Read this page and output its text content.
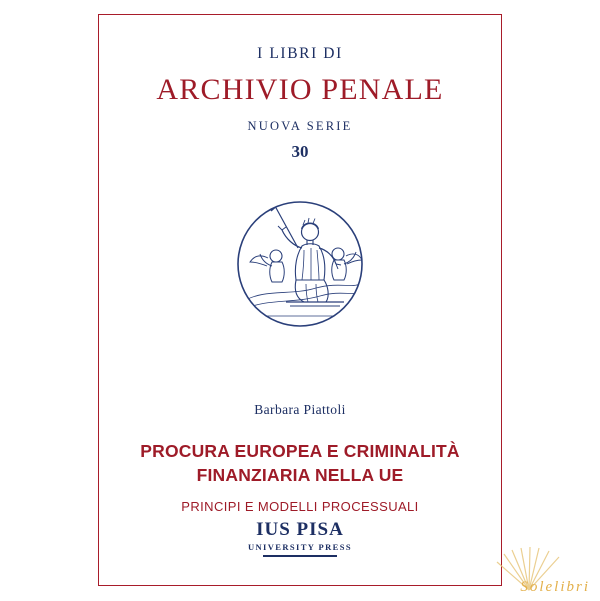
I LIBRI DI
ARCHIVIO PENALE
NUOVA SERIE
30
Barbara Piattoli
PROCURA EUROPEA E CRIMINALITÀ
FINANZIARIA NELLA UE
PRINCIPI E MODELLI PROCESSUALI
IUS PISA
UNIVERSITY PRESS
Solelibri
